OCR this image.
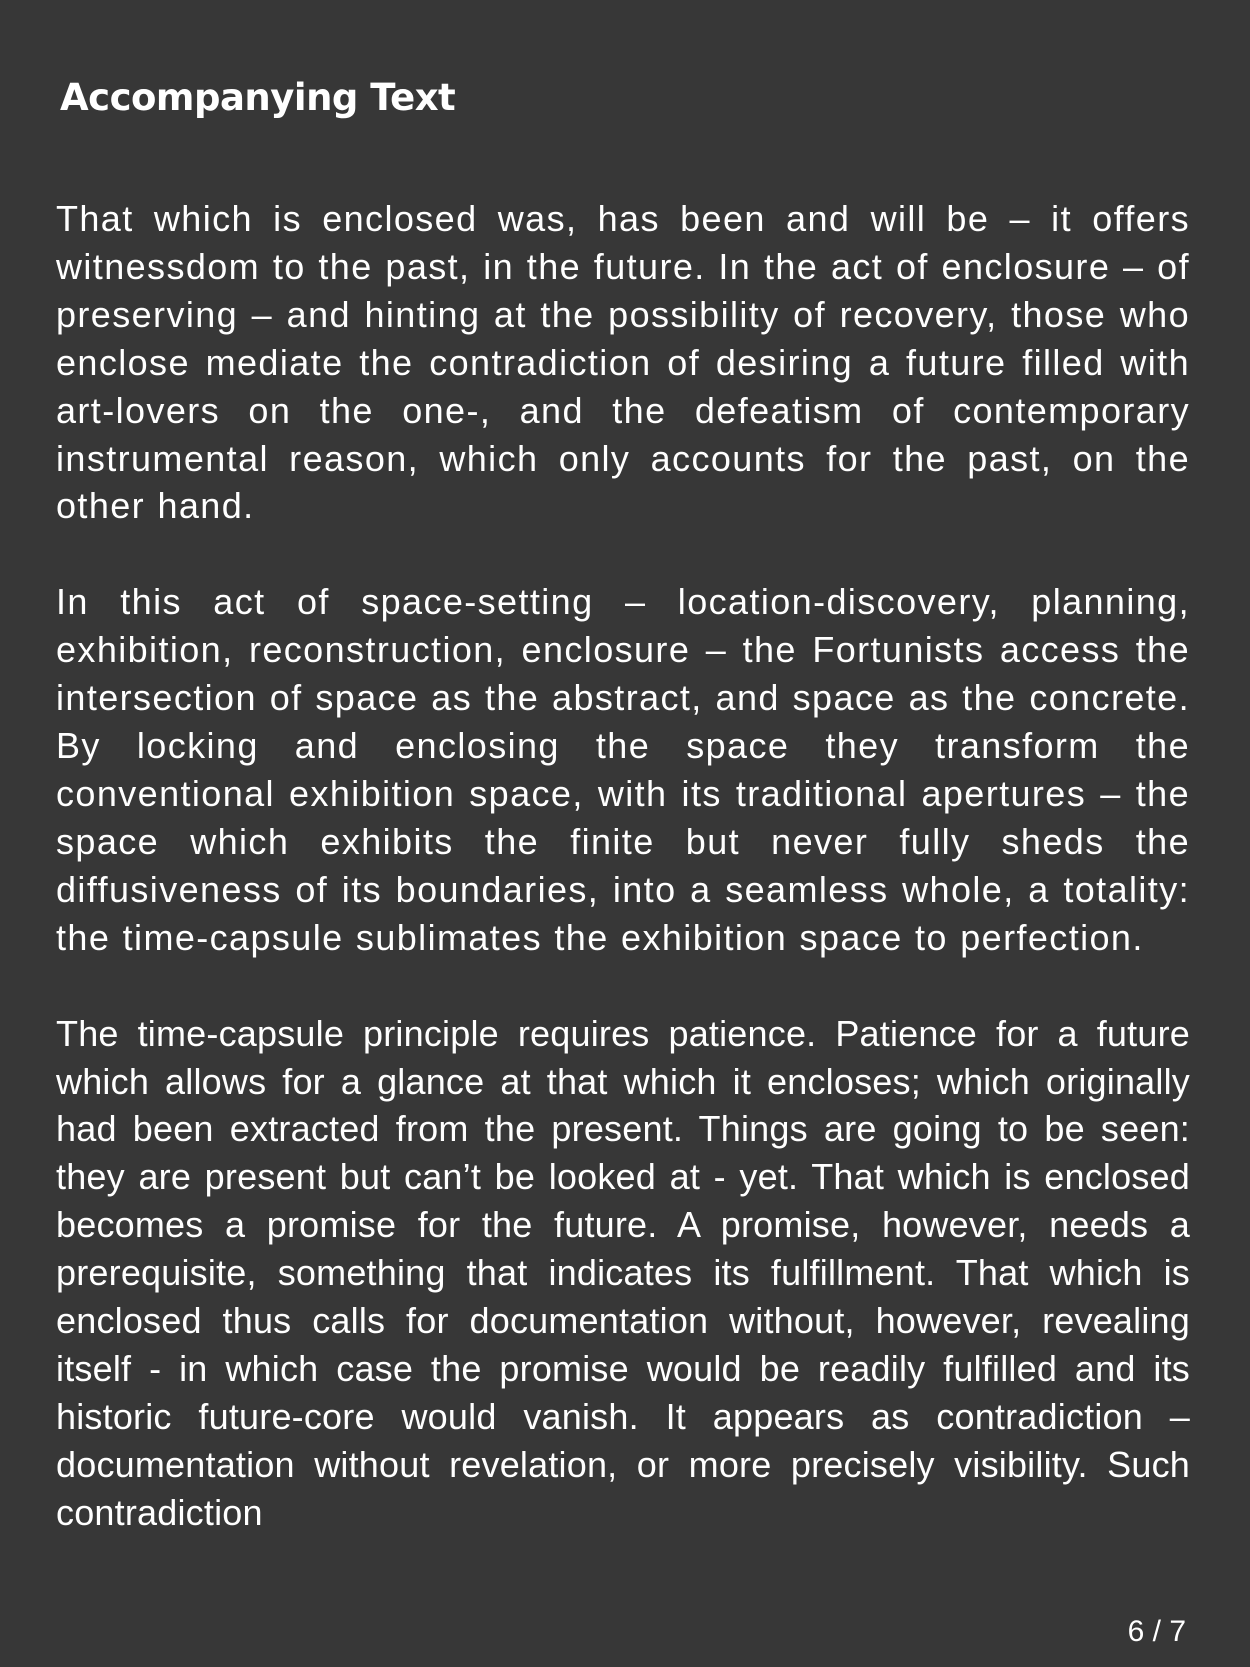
Accompanying Text

That which is enclosed was, has been and will be – it offers witnessdom to the past, in the future. In the act of enclosure – of preserving – and hinting at the possibility of recovery, those who enclose mediate the contradiction of desiring a future filled with art-lovers on the one-, and the defeatism of contemporary instrumental reason, which only accounts for the past, on the other hand.

In this act of space-setting – location-discovery, planning, exhibition, reconstruction, enclosure – the Fortunists access the intersection of space as the abstract, and space as the concrete. By locking and enclosing the space they transform the conventional exhibition space, with its traditional apertures – the space which exhibits the finite but never fully sheds the diffusiveness of its boundaries, into a seamless whole, a totality: the time-capsule sublimates the exhibition space to perfection.

The time-capsule principle requires patience. Patience for a future which allows for a glance at that which it encloses; which originally had been extracted from the present. Things are going to be seen: they are present but can’t be looked at - yet. That which is enclosed becomes a promise for the future. A promise, however, needs a prerequisite, something that indicates its fulfillment. That which is enclosed thus calls for documentation without, however, revealing itself - in which case the promise would be readily fulfilled and its historic future-core would vanish. It appears as contradiction – documentation without revelation, or more precisely visibility. Such contradiction

6 / 7
